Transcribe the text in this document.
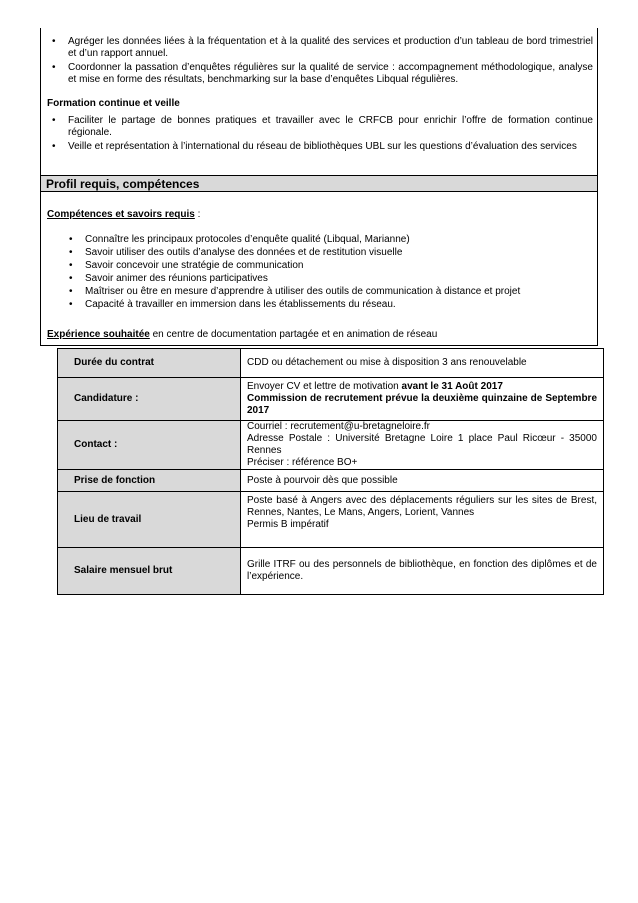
• Agréger les données liées à la fréquentation et à la qualité des services et production d’un tableau de bord trimestriel et d’un rapport annuel.
• Coordonner la passation d’enquêtes régulières sur la qualité de service : accompagnement méthodologique, analyse et mise en forme des résultats, benchmarking sur la base d’enquêtes Libqual régulières.
Formation continue et veille
• Faciliter le partage de bonnes pratiques et travailler avec le CRFCB pour enrichir l’offre de formation continue régionale.
• Veille et représentation à l’international du réseau de bibliothèques UBL sur les questions d’évaluation des services
Profil requis, compétences
Compétences et savoirs requis :
• Connaître les principaux protocoles d’enquête qualité (Libqual, Marianne)
• Savoir utiliser des outils d’analyse des données et de restitution visuelle
• Savoir concevoir une stratégie de communication
• Savoir animer des réunions participatives
• Maîtriser ou être en mesure d’apprendre à utiliser des outils de communication à distance et projet
• Capacité à travailler en immersion dans les établissements du réseau.
Expérience souhaitée en centre de documentation partagée et en animation de réseau
Durée du contrat	CDD ou détachement ou mise à disposition 3 ans renouvelable
Candidature :	Envoyer CV et lettre de motivation avant le 31 Août 2017
Commission de recrutement prévue la deuxième quinzaine de Septembre 2017

Contact :	Courriel : recrutement@u-bretagneloire.fr
Adresse Postale : Université Bretagne Loire 1 place Paul Ricœur - 35000 Rennes
Préciser : référence BO+

Prise de fonction	Poste à pourvoir dès que possible
Lieu de travail	Poste basé à Angers avec des déplacements réguliers sur les sites de Brest, Rennes, Nantes, Le Mans, Angers, Lorient, Vannes
Permis B impératif

Salaire mensuel brut	Grille ITRF ou des personnels de bibliothèque, en fonction des diplômes et de l’expérience.
